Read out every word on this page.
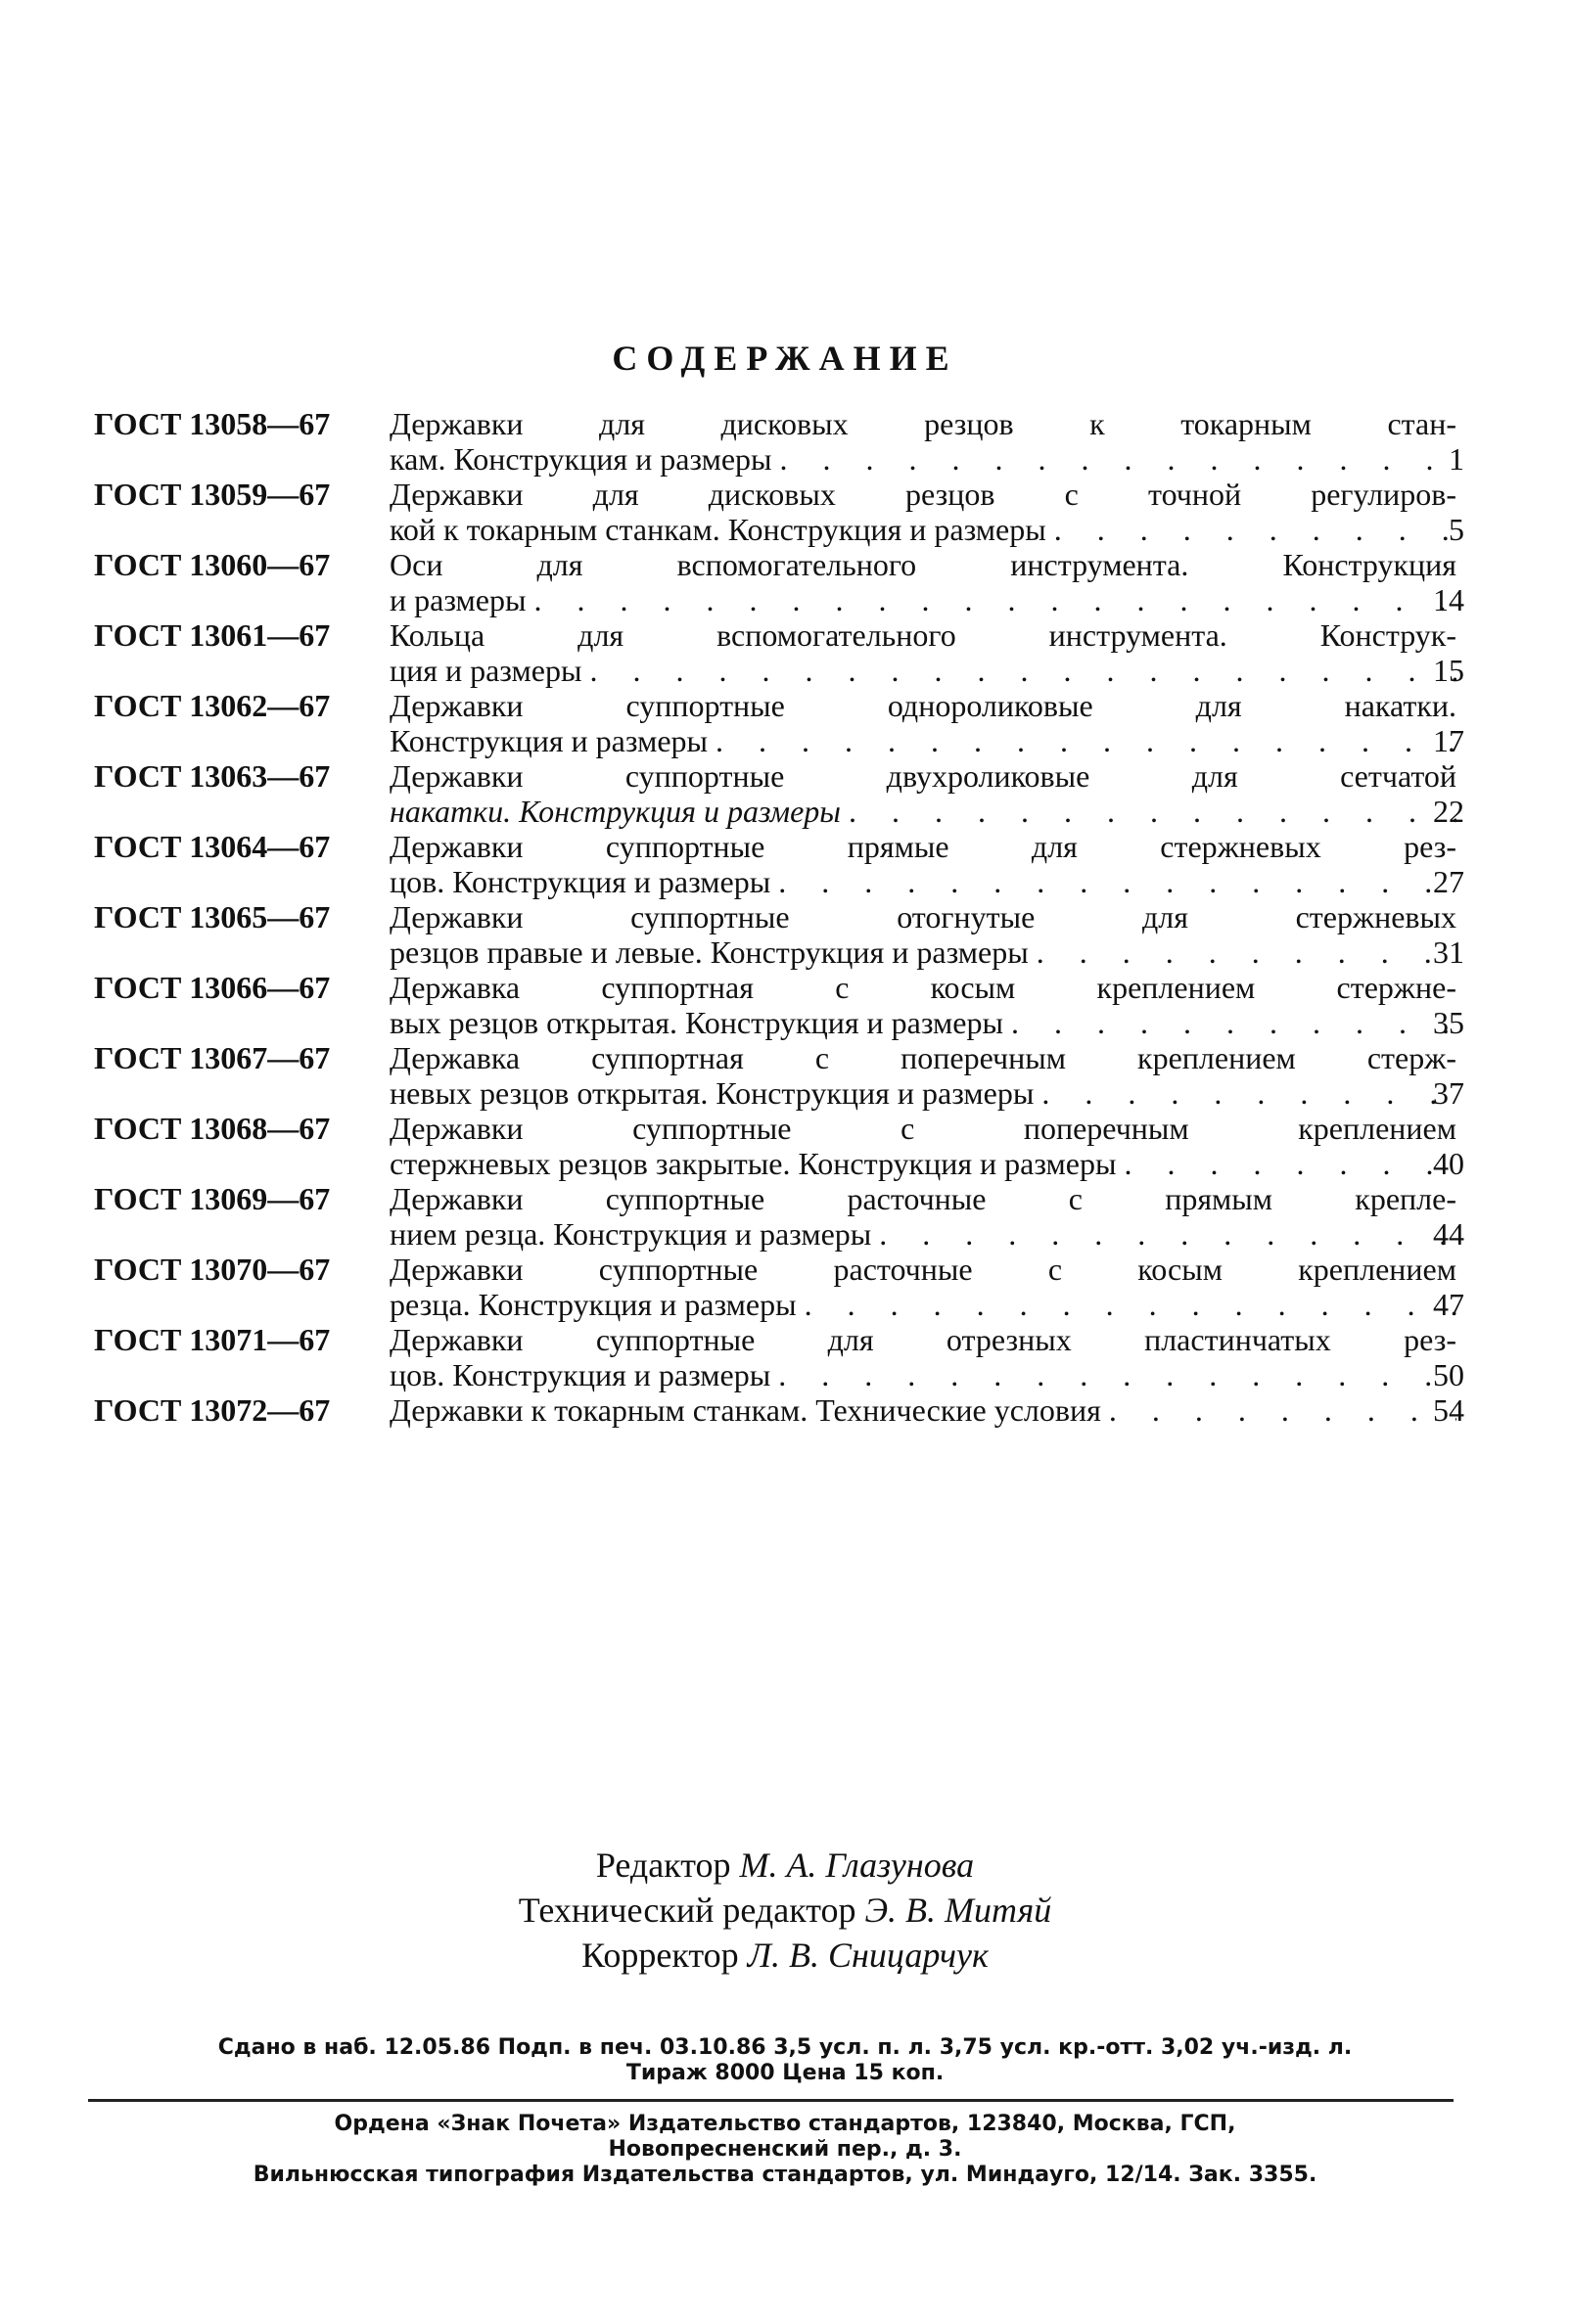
СОДЕРЖАНИЕ
ГОСТ 13058—67	Державки для дисковых резцов к токарным стан-
кам. Конструкция и размеры . . .	1
ГОСТ 13059—67	Державки для дисковых резцов с точной регулиров-
кой к токарным станкам. Конструкция и размеры . . .	5
ГОСТ 13060—67	Оси для вспомогательного инструмента. Конструкция
и размеры . . .	14
ГОСТ 13061—67	Кольца для вспомогательного инструмента. Конструк-
ция и размеры . . .	15
ГОСТ 13062—67	Державки суппортные однороликовые для накатки.
Конструкция и размеры . . .	17
ГОСТ 13063—67	Державки суппортные двухроликовые для сетчатой
накатки. Конструкция и размеры . . .	22
ГОСТ 13064—67	Державки суппортные прямые для стержневых рез-
цов. Конструкция и размеры . . .	27
ГОСТ 13065—67	Державки суппортные отогнутые для стержневых
резцов правые и левые. Конструкция и размеры . . .	31
ГОСТ 13066—67	Державка суппортная с косым креплением стержне-
вых резцов открытая. Конструкция и размеры . . .	35
ГОСТ 13067—67	Державка суппортная с поперечным креплением стерж-
невых резцов открытая. Конструкция и размеры . . .	37
ГОСТ 13068—67	Державки суппортные с поперечным креплением
стержневых резцов закрытые. Конструкция и размеры . . .	40
ГОСТ 13069—67	Державки суппортные расточные с прямым крепле-
нием резца. Конструкция и размеры . . .	44
ГОСТ 13070—67	Державки суппортные расточные с косым креплением
резца. Конструкция и размеры . . .	47
ГОСТ 13071—67	Державки суппортные для отрезных пластинчатых рез-
цов. Конструкция и размеры . . .	50
ГОСТ 13072—67	Державки к токарным станкам. Технические условия . . .	54
Редактор М. А. Глазунова
Технический редактор Э. В. Митяй
Корректор Л. В. Сницарчук
Сдано в наб. 12.05.86 Подп. в печ. 03.10.86 3,5 усл. п. л. 3,75 усл. кр.-отт. 3,02 уч.-изд. л.
Тираж 8000 Цена 15 коп.
Ордена «Знак Почета» Издательство стандартов, 123840, Москва, ГСП,
Новопресненский пер., д. 3.
Вильнюсская типография Издательства стандартов, ул. Миндауго, 12/14. Зак. 3355.
